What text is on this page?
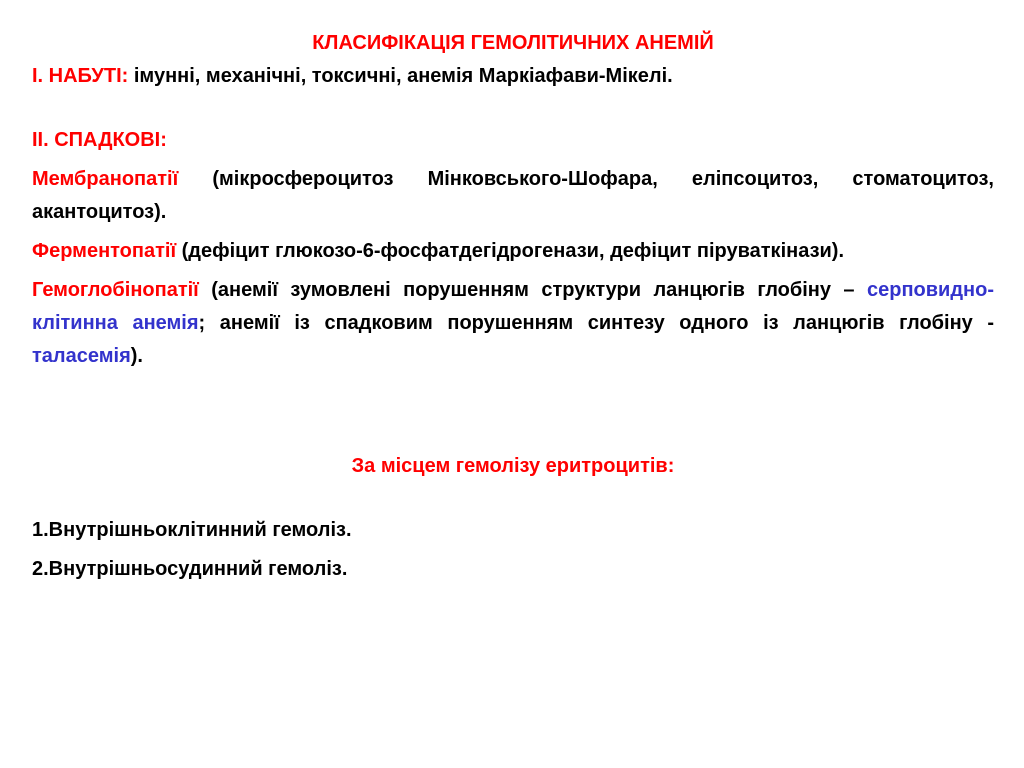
КЛАСИФІКАЦІЯ ГЕМОЛІТИЧНИХ АНЕМІЙ

I. НАБУТІ: імунні, механічні, токсичні, анемія Маркіафави-Мікелі.

II. СПАДКОВІ:

Мембранопатії (мікросфероцитоз Мінковського-Шофара, еліпсоцитоз, стоматоцитоз, акантоцитоз).

Ферментопатії (дефіцит глюкозо-6-фосфатдегідрогенази, дефіцит піруваткінази).

Гемоглобінопатії (анемії зумовлені порушенням структури ланцюгів глобіну – серповидно-клітинна анемія; анемії із спадковим порушенням синтезу одного із ланцюгів глобіну - таласемія).

За місцем гемолізу еритроцитів:

1.Внутрішньоклітинний гемоліз.

2.Внутрішньосудинний гемоліз.
